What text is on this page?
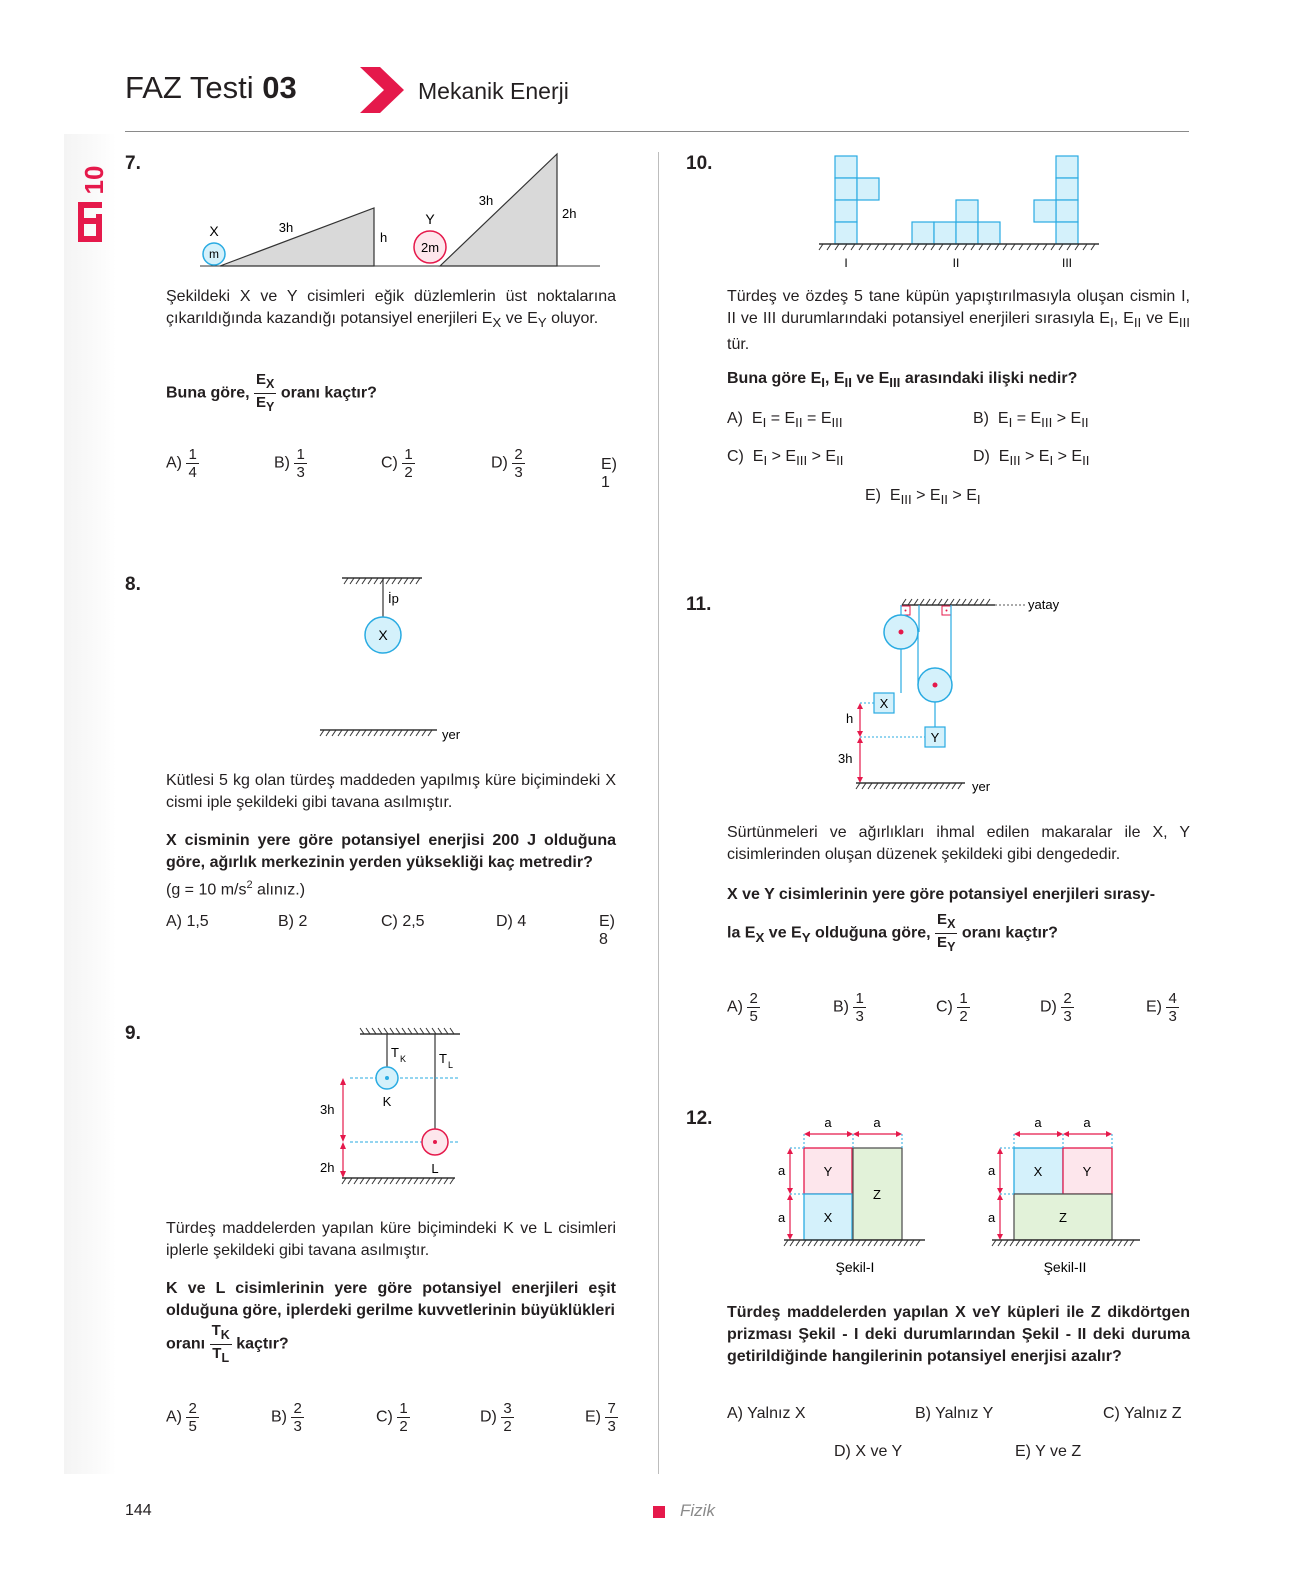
10
FAZ Testi 03	Mekanik Enerji
7.
m
X	3h
h
2m
Y
3h
2h
Şekildeki X ve Y cisimleri eğik düzlemlerin üst noktalarına çıkarıldığında kazandığı potansiyel enerjileri $E_X$ ve $E_Y$ oluyor.
Buna göre, $\frac{E_X}{E_Y}$ oranı kaçtır?
$A) \frac{1}{4}$	$B) \frac{1}{3}$	$C) \frac{1}{2}$	$D) \frac{2}{3}$	E) 1
8.
İp
X
yer
Kütlesi 5 kg olan türdeş maddeden yapılmış küre biçimindeki X cismi iple şekildeki gibi tavana asılmıştır.
X cisminin yere göre potansiyel enerjisi 200 J olduğuna göre, ağırlık merkezinin yerden yüksekliği kaç metredir?
(g = 10 $m/s^2$ alınız.)
A) 1,5	B) 2	C) 2,5	D) 4	E) 8
9.
T K	T L
K
L
3h
2h
Türdeş maddelerden yapılan küre biçimindeki K ve L cisimleri iplerle şekildeki gibi tavana asılmıştır.
K ve L cisimlerinin yere göre potansiyel enerjileri eşit olduğuna göre, iplerdeki gerilme kuvvetlerinin büyüklükleri
oranı $\frac{T_K}{T_L}$ kaçtır?
$A) \frac{2}{5}$	$B) \frac{2}{3}$	$C) \frac{1}{2}$	$D) \frac{3}{2}$	$E) \frac{7}{3}$
10.
I	II	III
Türdeş ve özdeş 5 tane küpün yapıştırılmasıyla oluşan cismin I, II ve III durumlarındaki potansiyel enerjileri sırasıyla $E_I$, $E_{II}$ ve $E_{III}$ tür.
Buna göre $E_I$, $E_{II}$ ve $E_{III}$ arasındaki ilişki nedir?
A)  $E_I = E_{II} = E_{III}$	B)  $E_I = E_{III} > E_{II}$
C)  $E_I > E_{III} > E_{II}$	D)  $E_{III} > E_I > E_{II}$
E)  $E_{III} > E_{II} > E_I$
11.	yatay
X
Y
h
3h
yer
Sürtünmeleri ve ağırlıkları ihmal edilen makaralar ile X, Y cisimlerinden oluşan düzenek şekildeki gibi dengededir.
X ve Y cisimlerinin yere göre potansiyel enerjileri sırasy-
la $E_X$ ve $E_Y$ olduğuna göre, $\frac{E_X}{E_Y}$ oranı kaçtır?
$A) \frac{2}{5}$	$B) \frac{1}{3}$	$C) \frac{1}{2}$	$D) \frac{2}{3}$	$E) \frac{4}{3}$
12.
Y
X
Z
a	a
a
a
Şekil-I
X	Y
Z
a	a
a
a
Şekil-II
Türdeş maddelerden yapılan X veY küpleri ile Z dikdörtgen prizması Şekil - I deki durumlarından Şekil - II deki duruma getirildiğinde hangilerinin potansiyel enerjisi azalır?
A) Yalnız X	B) Yalnız Y	C) Yalnız Z
D) X ve Y	E) Y ve Z
144	Fizik
